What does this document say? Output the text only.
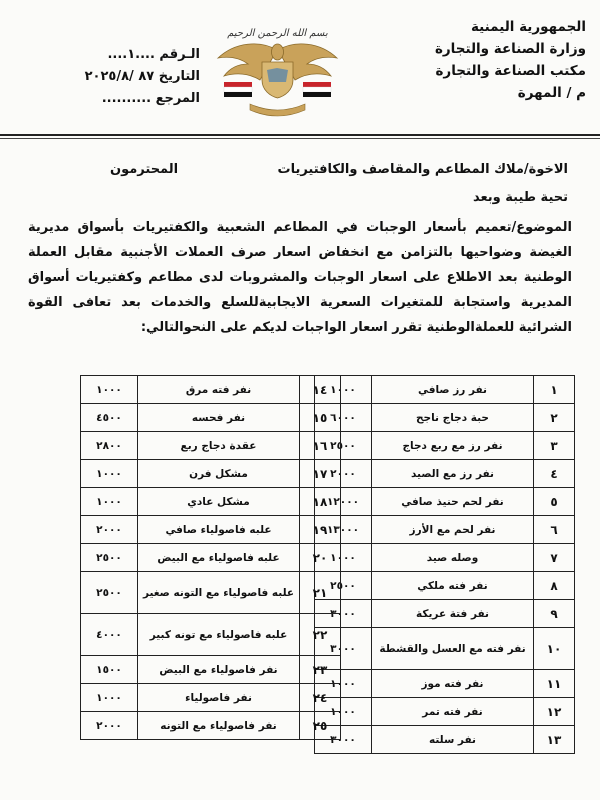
الجمهورية اليمنية
وزارة الصناعة والتجارة
مكتب الصناعة والتجارة
م / المهرة
بسم الله الرحمن الرحيم
الـرقم ....١....
التاريخ ٨٧ /٢٠٢٥/٨
المرجع ..........
الاخوة/ملاك المطاعم والمقاصف والكافتيريات
المحترمون
تحية طيبة وبعد
الموضوع/تعميم بأسعار الوجبات في المطاعم الشعبية والكفتيريات بأسواق مديرية الغيضة وضواحيها بالتزامن مع انخفاض اسعار صرف العملات الأجنبية مقابل العملة الوطنية بعد الاطلاع على اسعار الوجبات والمشروبات لدى مطاعم وكفتيريات أسواق المديرية واستجابة للمتغيرات السعرية الايجابيةللسلع والخدمات بعد تعافى القوة الشرائية للعملةالوطنية تقرر اسعار الواجبات لديكم على النحوالتالي:
١	نفر رز صافي	١٠٠٠
٢	حبة دجاج ناجح	٦٠٠٠
٣	نفر رز مع ربع دجاج	٢٥٠٠
٤	نفر رز مع الصيد	٢٠٠٠
٥	نفر لحم حنيذ صافي	١٢٠٠٠
٦	نفر لحم مع الأرز	١٣٠٠٠
٧	وصله صيد	١٠٠٠
٨	نفر فته ملكي	٢٥٠٠
٩	نفر فتة عريكة	٣٠٠٠
١٠	نفر فته مع العسل والقشطة	٣٠٠٠
١١	نفر فته موز	١٠٠٠
١٢	نفر فته تمر	١٠٠٠
١٣	نفر سلته	٣٠٠٠
١٤	نفر فته مرق	١٠٠٠
١٥	نفر فحسه	٤٥٠٠
١٦	عقدة دجاج ربع	٢٨٠٠
١٧	مشكل فرن	١٠٠٠
١٨	مشكل عادي	١٠٠٠
١٩	علبه فاصولياء صافي	٢٠٠٠
٢٠	علبه فاصولياء مع البيض	٢٥٠٠
٢١	علبه فاصولياء مع التونه صغير	٢٥٠٠
٢٢	علبه فاصولياء مع تونه كبير	٤٠٠٠
٢٣	نفر فاصولياء مع البيض	١٥٠٠
٢٤	نفر فاصولياء	١٠٠٠
٢٥	نفر فاصولياء مع التونه	٢٠٠٠
